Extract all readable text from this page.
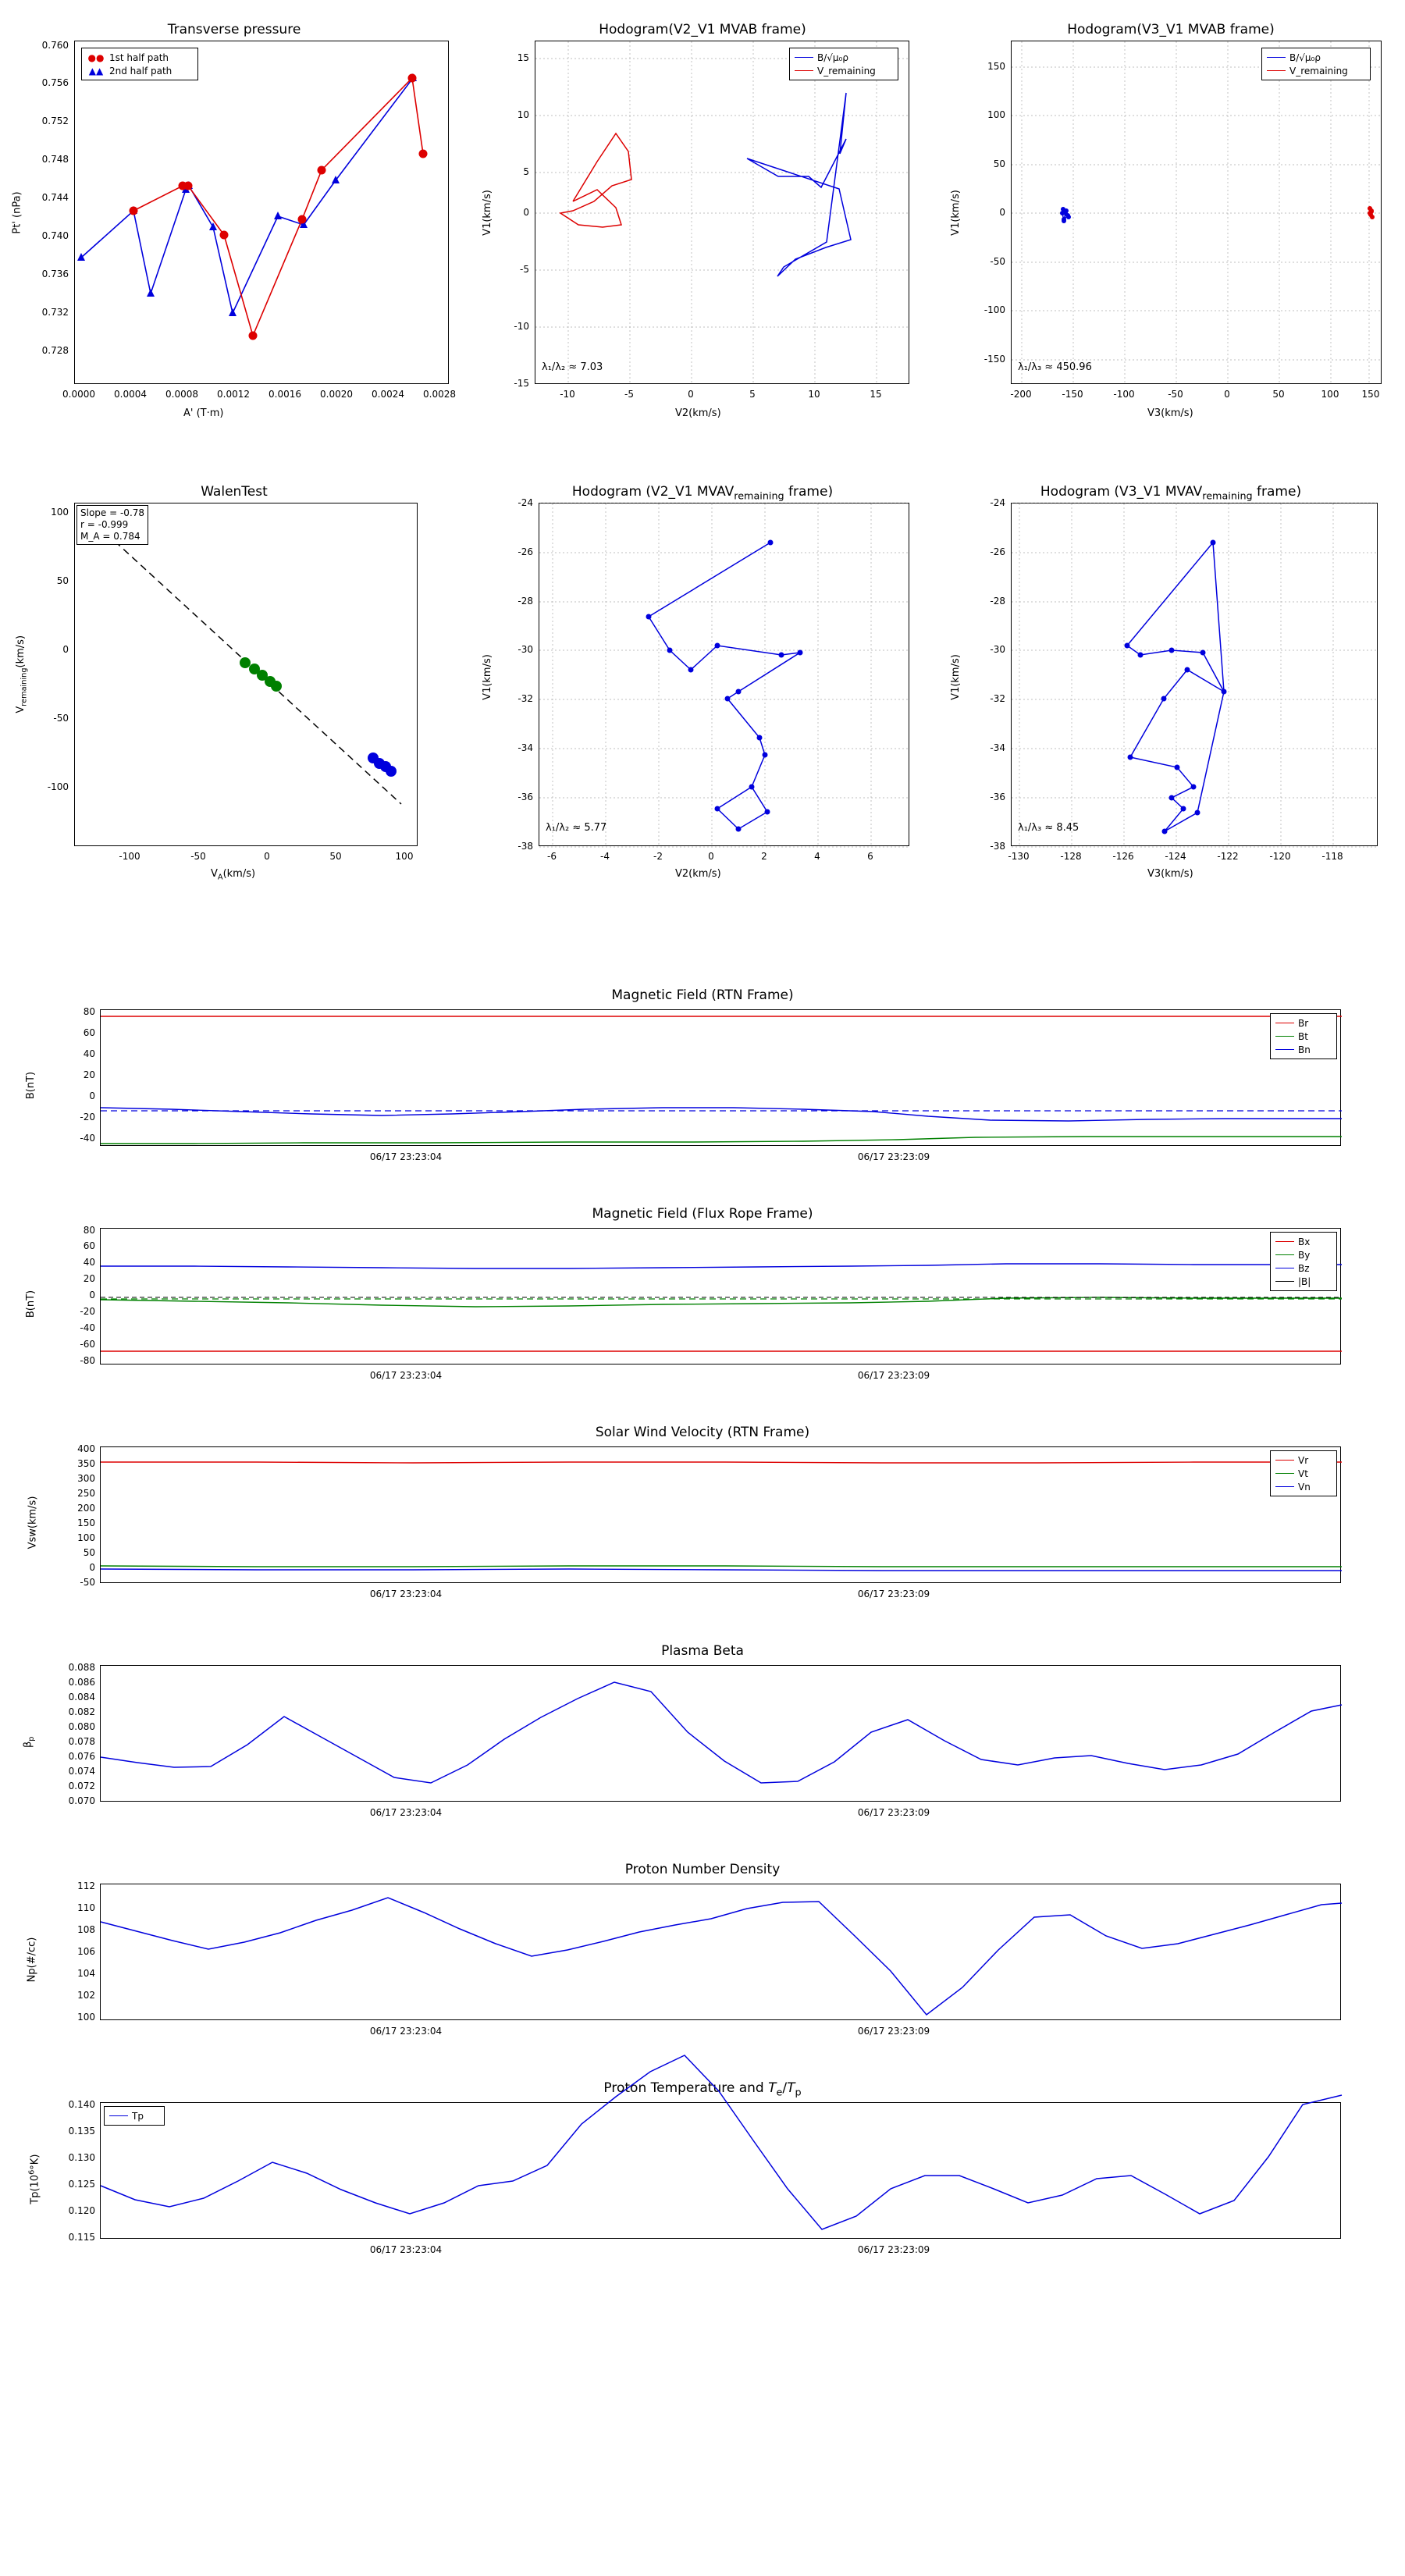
Transverse pressure
●● 1st half path
▲▲ 2nd half path
0.760
0.756
0.752
0.748
0.744
0.740
0.736
0.732
0.728
0.0000 0.0004 0.0008 0.0012 0.0016 0.0020 0.0024 0.0028
A' (T·m)
Pt' (nPa)
Hodogram(V2_V1 MVAB frame)
B/√μ₀ρ
V_remaining
λ₁/λ₂ ≈ 7.03
15
10
5
0
-5
-10
-15
-10	-5	0	5	10	15
V2(km/s)
V1(km/s)
Hodogram(V3_V1 MVAB frame)
B/√μ₀ρ
V_remaining
λ₁/λ₃ ≈ 450.96
150
100
50
0
-50
-100
-150
-200	-150	-100	-50	0	50	100 150
V3(km/s)
V1(km/s)
WalenTest
Slope = -0.78
r = -0.999
M_A = 0.784
100
50
0
-50
-100
-100	-50	0	50	100
$V_A(km/s)$
$V_{remaining}(km/s)$
Hodogram (V2_V1 $MVAV_{remaining}$ frame)
λ₁/λ₂ ≈ 5.77
-24
-26
-28
-30
-32
-34
-36
-38
-6	-4	-2	0	2	4	6
V2(km/s)
V1(km/s)
Hodogram (V3_V1 $MVAV_{remaining}$ frame)
λ₁/λ₃ ≈ 8.45
-24
-26
-28
-30
-32
-34
-36
-38
-130	-128	-126	-124	-122	-120	-118
V3(km/s)
V1(km/s)
Magnetic Field (RTN Frame)
Br
Bt
Bn
80
60
40
20
0
-20
-40
06/17 23:23:04	06/17 23:23:09
B(nT)
Magnetic Field (Flux Rope Frame)
Bx
By
Bz
|B|
80
60
40
20
0
-20
-40
-60
-80
06/17 23:23:04	06/17 23:23:09
B(nT)
Solar Wind Velocity (RTN Frame)
Vr
Vt
Vn
400
350
300
250
200
150
100
50
0
-50
06/17 23:23:04	06/17 23:23:09
Vsw(km/s)
Plasma Beta
0.088
0.086
0.084
0.082
0.080
0.078
0.076
0.074
0.072
0.070
06/17 23:23:04	06/17 23:23:09
$\beta_p$
Proton Number Density
112
110
108
106
104
102
100
06/17 23:23:04	06/17 23:23:09
Np(#/cc)
Proton Temperature and $T_e/T_p$
Tp
0.140
0.135
0.130
0.125
0.120
0.115
06/17 23:23:04	06/17 23:23:09
$Tp(10^6^\circ K)$
